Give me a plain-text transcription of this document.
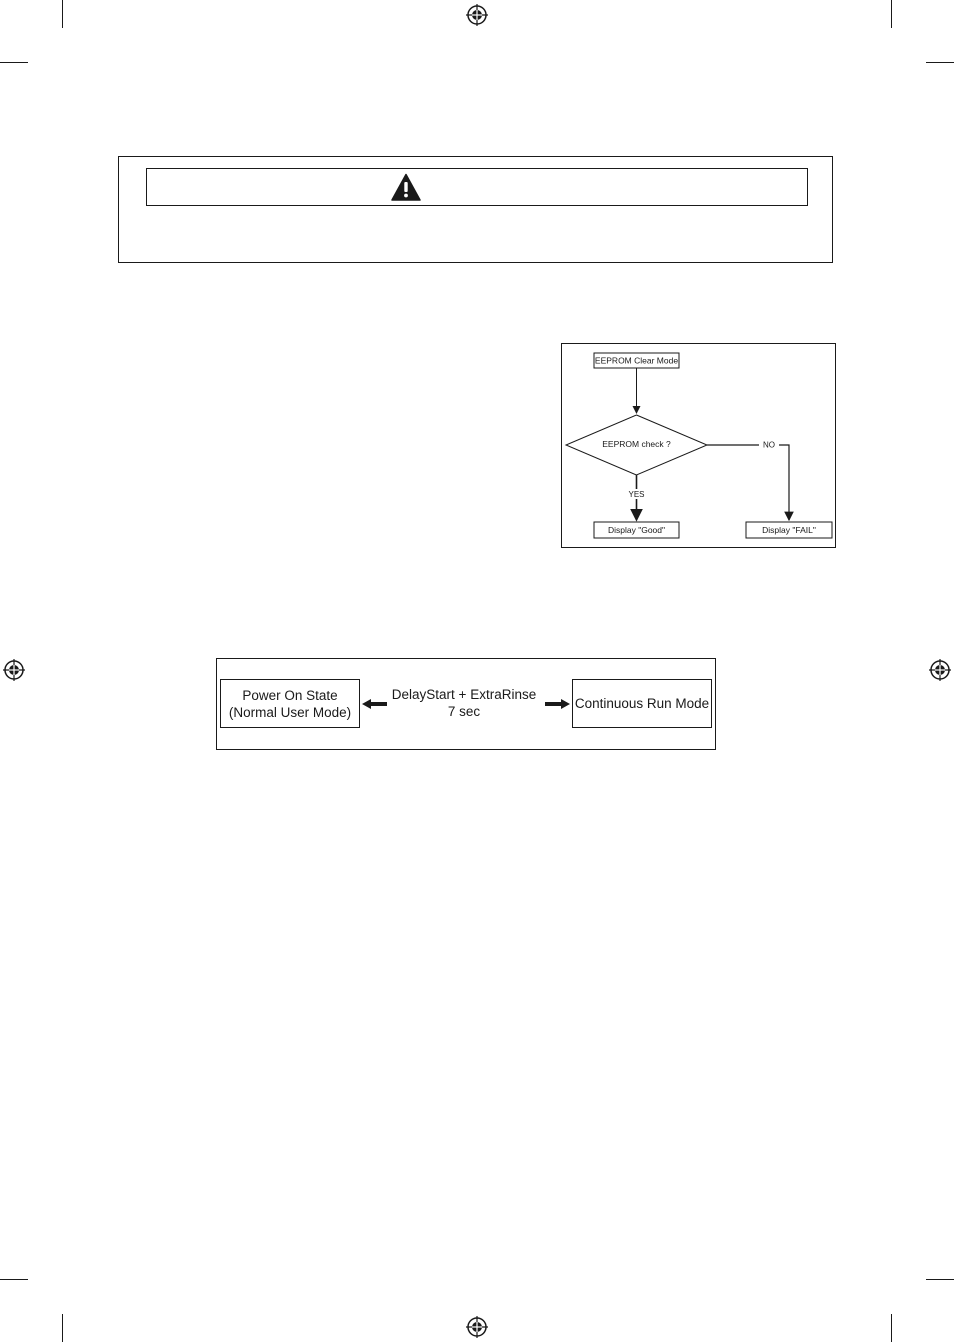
EEPROM Clear Mode
EEPROM check ?
YES
NO
Display "Good"	Display "FAIL"
Power On State
(Normal User Mode)
Continuous Run Mode
DelayStart + ExtraRinse
7 sec
